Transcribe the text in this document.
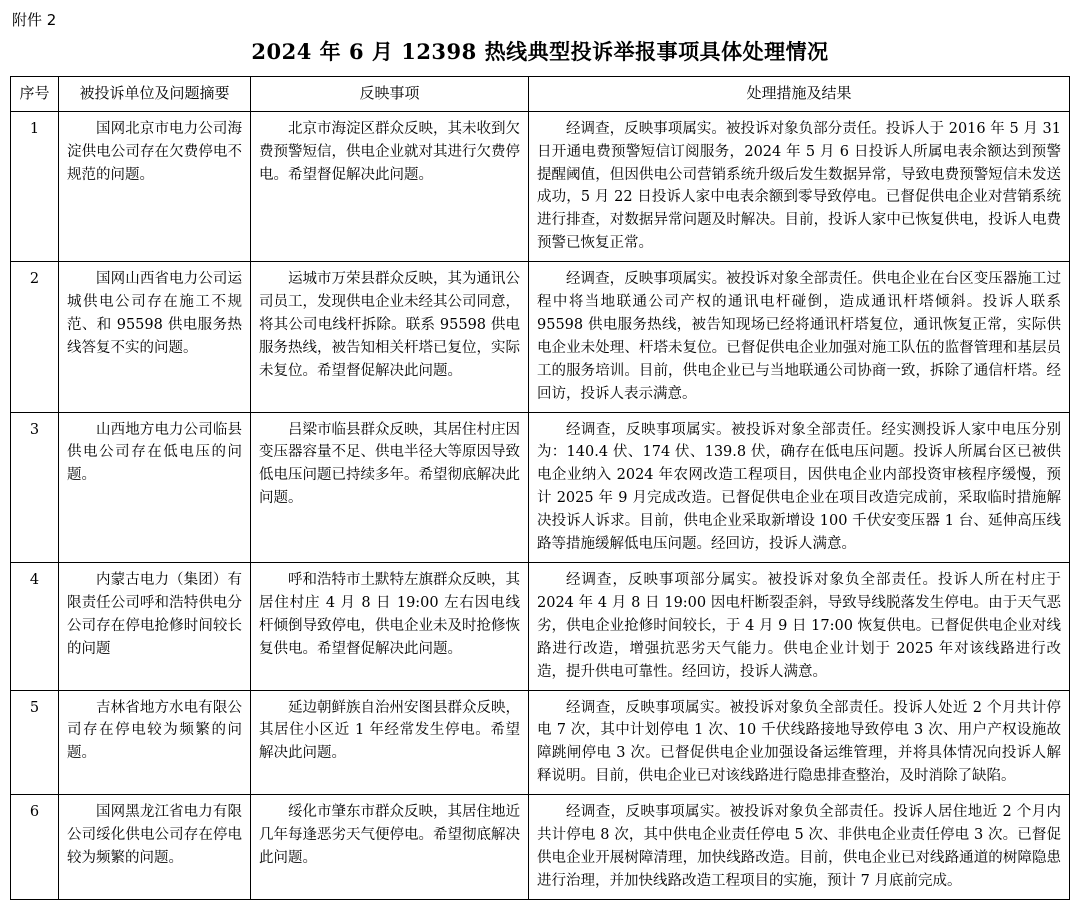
附件 2
2024 年 6 月 12398 热线典型投诉举报事项具体处理情况
序号	被投诉单位及问题摘要	反映事项	处理措施及结果
1	国网北京市电力公司海淀供电公司存在欠费停电不规范的问题。	北京市海淀区群众反映，其未收到欠费预警短信，供电企业就对其进行欠费停电。希望督促解决此问题。	经调查，反映事项属实。被投诉对象负部分责任。投诉人于 2016 年 5 月 31 日开通电费预警短信订阅服务，2024 年 5 月 6 日投诉人所属电表余额达到预警提醒阈值，但因供电公司营销系统升级后发生数据异常，导致电费预警短信未发送成功，5 月 22 日投诉人家中电表余额到零导致停电。已督促供电企业对营销系统进行排查，对数据异常问题及时解决。目前，投诉人家中已恢复供电，投诉人电费预警已恢复正常。

2	国网山西省电力公司运城供电公司存在施工不规范、和 95598 供电服务热线答复不实的问题。	运城市万荣县群众反映，其为通讯公司员工，发现供电企业未经其公司同意，将其公司电线杆拆除。联系 95598 供电服务热线，被告知相关杆塔已复位，实际未复位。希望督促解决此问题。	经调查，反映事项属实。被投诉对象全部责任。供电企业在台区变压器施工过程中将当地联通公司产权的通讯电杆碰倒，造成通讯杆塔倾斜。投诉人联系 95598 供电服务热线，被告知现场已经将通讯杆塔复位，通讯恢复正常，实际供电企业未处理、杆塔未复位。已督促供电企业加强对施工队伍的监督管理和基层员工的服务培训。目前，供电企业已与当地联通公司协商一致，拆除了通信杆塔。经回访，投诉人表示满意。

3	山西地方电力公司临县供电公司存在低电压的问题。	吕梁市临县群众反映，其居住村庄因变压器容量不足、供电半径大等原因导致低电压问题已持续多年。希望彻底解决此问题。	经调查，反映事项属实。被投诉对象全部责任。经实测投诉人家中电压分别为：140.4 伏、174 伏、139.8 伏，确存在低电压问题。投诉人所属台区已被供电企业纳入 2024 年农网改造工程项目，因供电企业内部投资审核程序缓慢，预计 2025 年 9 月完成改造。已督促供电企业在项目改造完成前，采取临时措施解决投诉人诉求。目前，供电企业采取新增设 100 千伏安变压器 1 台、延伸高压线路等措施缓解低电压问题。经回访，投诉人满意。

4	内蒙古电力（集团）有限责任公司呼和浩特供电分公司存在停电抢修时间较长的问题	呼和浩特市土默特左旗群众反映，其居住村庄 4 月 8 日 19:00 左右因电线杆倾倒导致停电，供电企业未及时抢修恢复供电。希望督促解决此问题。	经调查，反映事项部分属实。被投诉对象负全部责任。投诉人所在村庄于 2024 年 4 月 8 日 19:00 因电杆断裂歪斜，导致导线脱落发生停电。由于天气恶劣，供电企业抢修时间较长，于 4 月 9 日 17:00 恢复供电。已督促供电企业对线路进行改造，增强抗恶劣天气能力。供电企业计划于 2025 年对该线路进行改造，提升供电可靠性。经回访，投诉人满意。

5	吉林省地方水电有限公司存在停电较为频繁的问题。	延边朝鲜族自治州安图县群众反映，其居住小区近 1 年经常发生停电。希望解决此问题。	经调查，反映事项属实。被投诉对象负全部责任。投诉人处近 2 个月共计停电 7 次，其中计划停电 1 次、10 千伏线路接地导致停电 3 次、用户产权设施故障跳闸停电 3 次。已督促供电企业加强设备运维管理，并将具体情况向投诉人解释说明。目前，供电企业已对该线路进行隐患排查整治，及时消除了缺陷。

6	国网黑龙江省电力有限公司绥化供电公司存在停电较为频繁的问题。	绥化市肇东市群众反映，其居住地近几年每逢恶劣天气便停电。希望彻底解决此问题。	经调查，反映事项属实。被投诉对象负全部责任。投诉人居住地近 2 个月内共计停电 8 次，其中供电企业责任停电 5 次、非供电企业责任停电 3 次。已督促供电企业开展树障清理，加快线路改造。目前，供电企业已对线路通道的树障隐患进行治理，并加快线路改造工程项目的实施，预计 7 月底前完成。
